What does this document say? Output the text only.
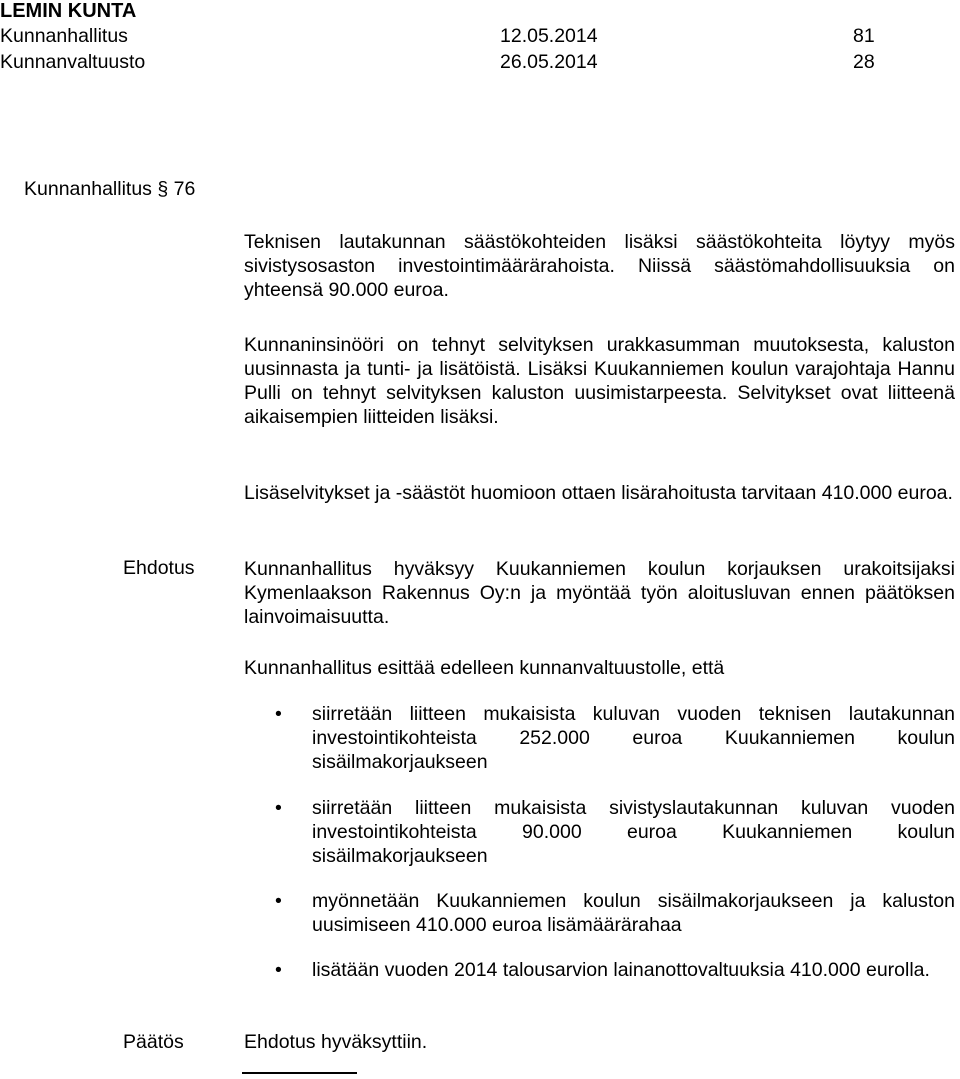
LEMIN KUNTA
Kunnanhallitus	12.05.2014	81
Kunnanvaltuusto	26.05.2014	28
Kunnanhallitus § 76

Teknisen lautakunnan säästökohteiden lisäksi säästökohteita löytyy myös sivistysosaston investointimäärärahoista. Niissä säästömahdollisuuksia on yhteensä 90.000 euroa.

Kunnaninsinööri on tehnyt selvityksen urakkasumman muutoksesta, kaluston uusinnasta ja tunti- ja lisätöistä. Lisäksi Kuukanniemen koulun varajohtaja Hannu Pulli on tehnyt selvityksen kaluston uusimistarpeesta. Selvitykset ovat liitteenä aikaisempien liitteiden lisäksi.

Lisäselvitykset ja -säästöt huomioon ottaen lisärahoitusta tarvitaan 410.000 euroa.

Ehdotus	Kunnanhallitus hyväksyy Kuukanniemen koulun korjauksen urakoitsijaksi Kymenlaakson Rakennus Oy:n ja myöntää työn aloitusluvan ennen päätöksen lainvoimaisuutta.

Kunnanhallitus esittää edelleen kunnanvaltuustolle, että

• siirretään liitteen mukaisista kuluvan vuoden teknisen lautakunnan investointikohteista 252.000 euroa Kuukanniemen koulun sisäilmakorjaukseen
• siirretään liitteen mukaisista sivistyslautakunnan kuluvan vuoden investointikohteista 90.000 euroa Kuukanniemen koulun sisäilmakorjaukseen
• myönnetään Kuukanniemen koulun sisäilmakorjaukseen ja kaluston uusimiseen 410.000 euroa lisämäärärahaa
• lisätään vuoden 2014 talousarvion lainanottovaltuuksia 410.000 eurolla.
Päätös	Ehdotus hyväksyttiin.
